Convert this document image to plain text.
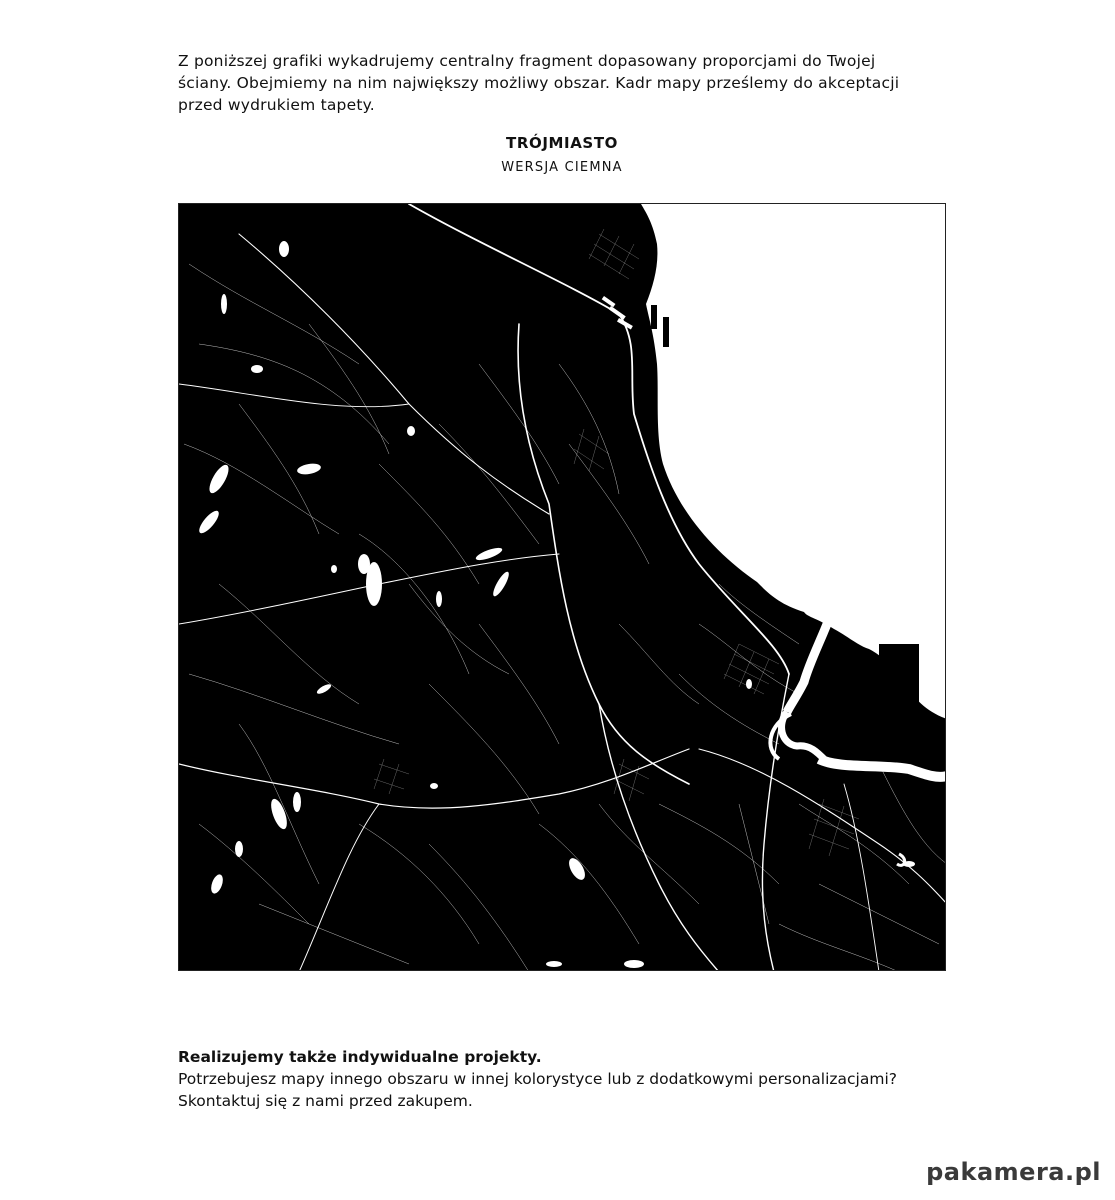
Z poniższej grafiki wykadrujemy centralny fragment dopasowany proporcjami do Twojej
ściany. Obejmiemy na nim największy możliwy obszar. Kadr mapy prześlemy do akceptacji
przed wydrukiem tapety.
TRÓJMIASTO
WERSJA CIEMNA
Realizujemy także indywidualne projekty.
Potrzebujesz mapy innego obszaru w innej kolorystyce lub z dodatkowymi personalizacjami?
Skontaktuj się z nami przed zakupem.
pakamera.pl
